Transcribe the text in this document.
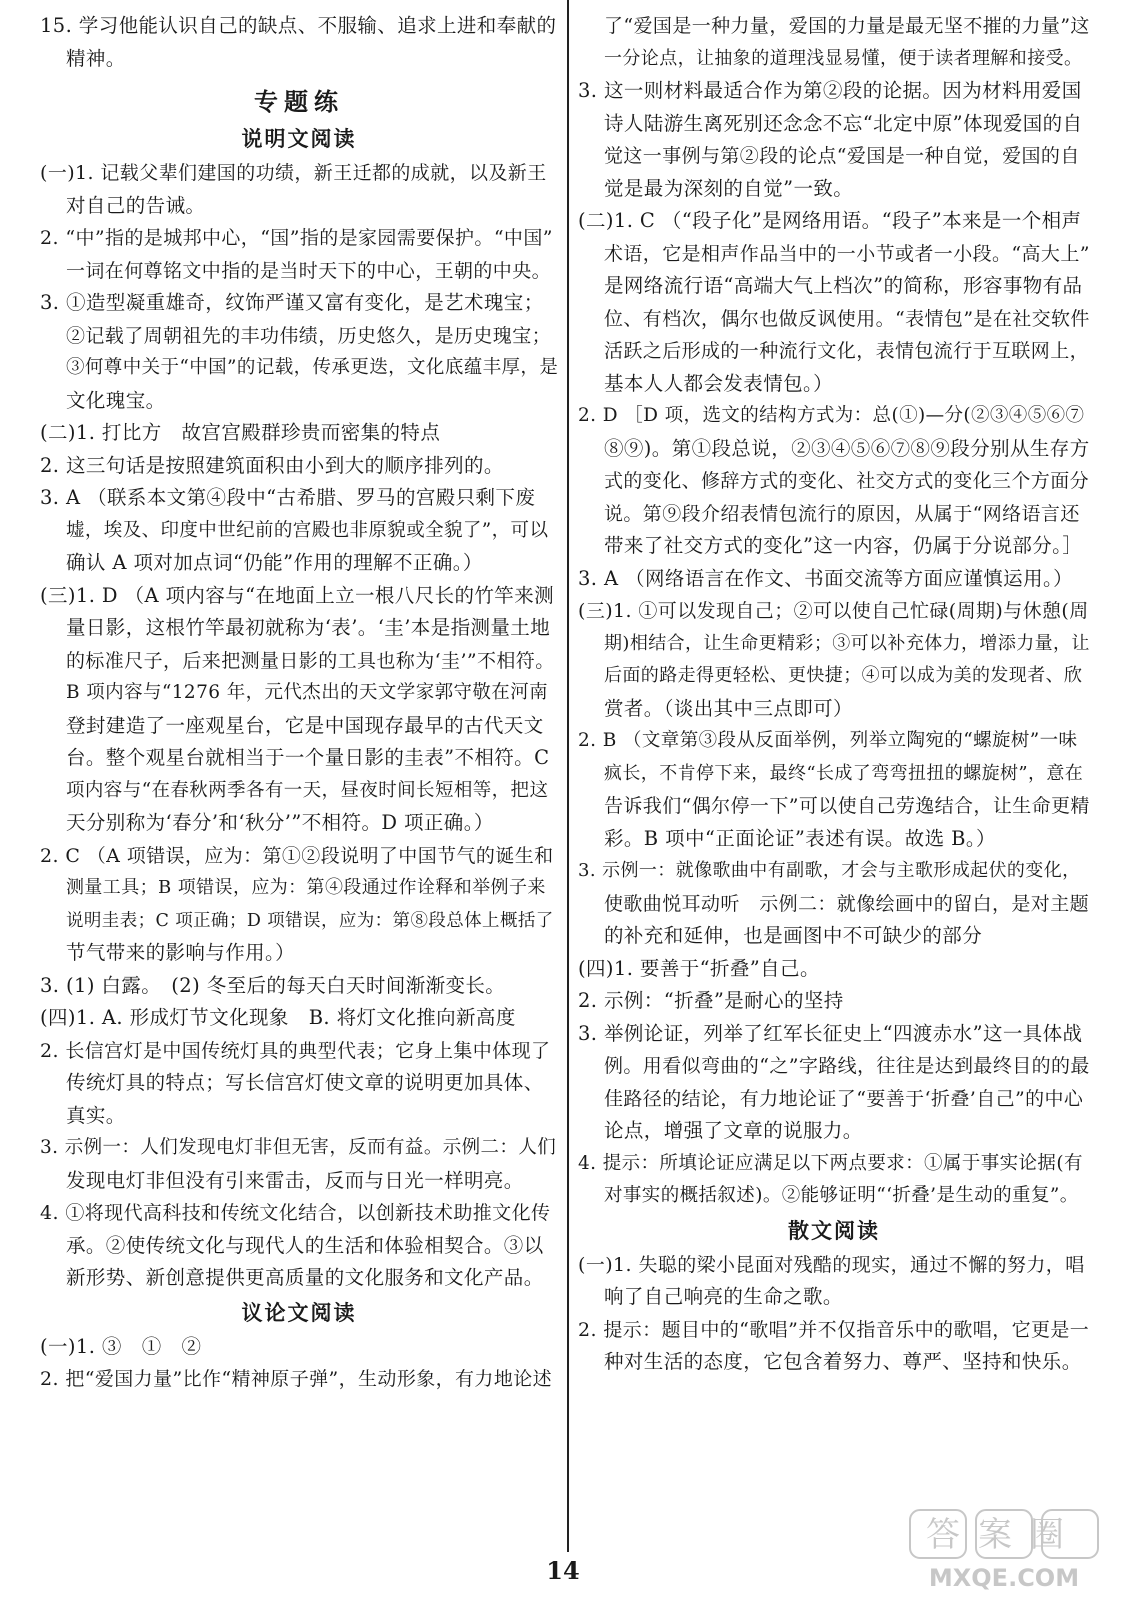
15. 学习他能认识自己的缺点、不服输、追求上进和奉献的
精神。
专题练
说明文阅读
(一)1. 记载父辈们建国的功绩，新王迁都的成就，以及新王
对自己的告诫。
2. “中”指的是城邦中心，“国”指的是家园需要保护。“中国”
一词在何尊铭文中指的是当时天下的中心，王朝的中央。
3. ①造型凝重雄奇，纹饰严谨又富有变化，是艺术瑰宝；
②记载了周朝祖先的丰功伟绩，历史悠久，是历史瑰宝；
③何尊中关于“中国”的记载，传承更迭，文化底蕴丰厚，是
文化瑰宝。
(二)1. 打比方　故宫宫殿群珍贵而密集的特点
2. 这三句话是按照建筑面积由小到大的顺序排列的。
3. A （联系本文第④段中“古希腊、罗马的宫殿只剩下废
墟，埃及、印度中世纪前的宫殿也非原貌或全貌了”，可以
确认 A 项对加点词“仍能”作用的理解不正确。）
(三)1. D （A 项内容与“在地面上立一根八尺长的竹竿来测
量日影，这根竹竿最初就称为‘表’。‘圭’本是指测量土地
的标准尺子，后来把测量日影的工具也称为‘圭’”不相符。
B 项内容与“1276 年，元代杰出的天文学家郭守敬在河南
登封建造了一座观星台，它是中国现存最早的古代天文
台。整个观星台就相当于一个量日影的圭表”不相符。C
项内容与“在春秋两季各有一天，昼夜时间长短相等，把这
天分别称为‘春分’和‘秋分’”不相符。D 项正确。）
2. C （A 项错误，应为：第①②段说明了中国节气的诞生和
测量工具；B 项错误，应为：第④段通过作诠释和举例子来
说明圭表；C 项正确；D 项错误，应为：第⑧段总体上概括了
节气带来的影响与作用。）
3. (1) 白露。　(2) 冬至后的每天白天时间渐渐变长。
(四)1. A. 形成灯节文化现象　B. 将灯文化推向新高度
2. 长信宫灯是中国传统灯具的典型代表；它身上集中体现了
传统灯具的特点；写长信宫灯使文章的说明更加具体、
真实。
3. 示例一：人们发现电灯非但无害，反而有益。示例二：人们
发现电灯非但没有引来雷击，反而与日光一样明亮。
4. ①将现代高科技和传统文化结合，以创新技术助推文化传
承。②使传统文化与现代人的生活和体验相契合。③以
新形势、新创意提供更高质量的文化服务和文化产品。
议论文阅读
(一)1. ③　①　②
2. 把“爱国力量”比作“精神原子弹”，生动形象，有力地论述
了“爱国是一种力量，爱国的力量是最无坚不摧的力量”这
一分论点，让抽象的道理浅显易懂，便于读者理解和接受。
3. 这一则材料最适合作为第②段的论据。因为材料用爱国
诗人陆游生离死别还念念不忘“北定中原”体现爱国的自
觉这一事例与第②段的论点“爱国是一种自觉，爱国的自
觉是最为深刻的自觉”一致。
(二)1. C （“段子化”是网络用语。“段子”本来是一个相声
术语，它是相声作品当中的一小节或者一小段。“高大上”
是网络流行语“高端大气上档次”的简称，形容事物有品
位、有档次，偶尔也做反讽使用。“表情包”是在社交软件
活跃之后形成的一种流行文化，表情包流行于互联网上，
基本人人都会发表情包。）
2. D ［D 项，选文的结构方式为：总(①)—分(②③④⑤⑥⑦
⑧⑨)。第①段总说，②③④⑤⑥⑦⑧⑨段分别从生存方
式的变化、修辞方式的变化、社交方式的变化三个方面分
说。第⑨段介绍表情包流行的原因，从属于“网络语言还
带来了社交方式的变化”这一内容，仍属于分说部分。］
3. A （网络语言在作文、书面交流等方面应谨慎运用。）
(三)1. ①可以发现自己；②可以使自己忙碌(周期)与休憩(周
期)相结合，让生命更精彩；③可以补充体力，增添力量，让
后面的路走得更轻松、更快捷；④可以成为美的发现者、欣
赏者。（谈出其中三点即可）
2. B （文章第③段从反面举例，列举立陶宛的“螺旋树”一味
疯长，不肯停下来，最终“长成了弯弯扭扭的螺旋树”，意在
告诉我们“偶尔停一下”可以使自己劳逸结合，让生命更精
彩。B 项中“正面论证”表述有误。故选 B。）
3. 示例一：就像歌曲中有副歌，才会与主歌形成起伏的变化，
使歌曲悦耳动听　示例二：就像绘画中的留白，是对主题
的补充和延伸，也是画图中不可缺少的部分
(四)1. 要善于“折叠”自己。
2. 示例：“折叠”是耐心的坚持
3. 举例论证，列举了红军长征史上“四渡赤水”这一具体战
例。用看似弯曲的“之”字路线，往往是达到最终目的的最
佳路径的结论，有力地论证了“要善于‘折叠’自己”的中心
论点，增强了文章的说服力。
4. 提示：所填论证应满足以下两点要求：①属于事实论据(有
对事实的概括叙述)。②能够证明“‘折叠’是生动的重复”。
散文阅读
(一)1. 失聪的梁小昆面对残酷的现实，通过不懈的努力，唱
响了自己响亮的生命之歌。
2. 提示：题目中的“歌唱”并不仅指音乐中的歌唱，它更是一
种对生活的态度，它包含着努力、尊严、坚持和快乐。
14
答案圈
MXQE.COM
